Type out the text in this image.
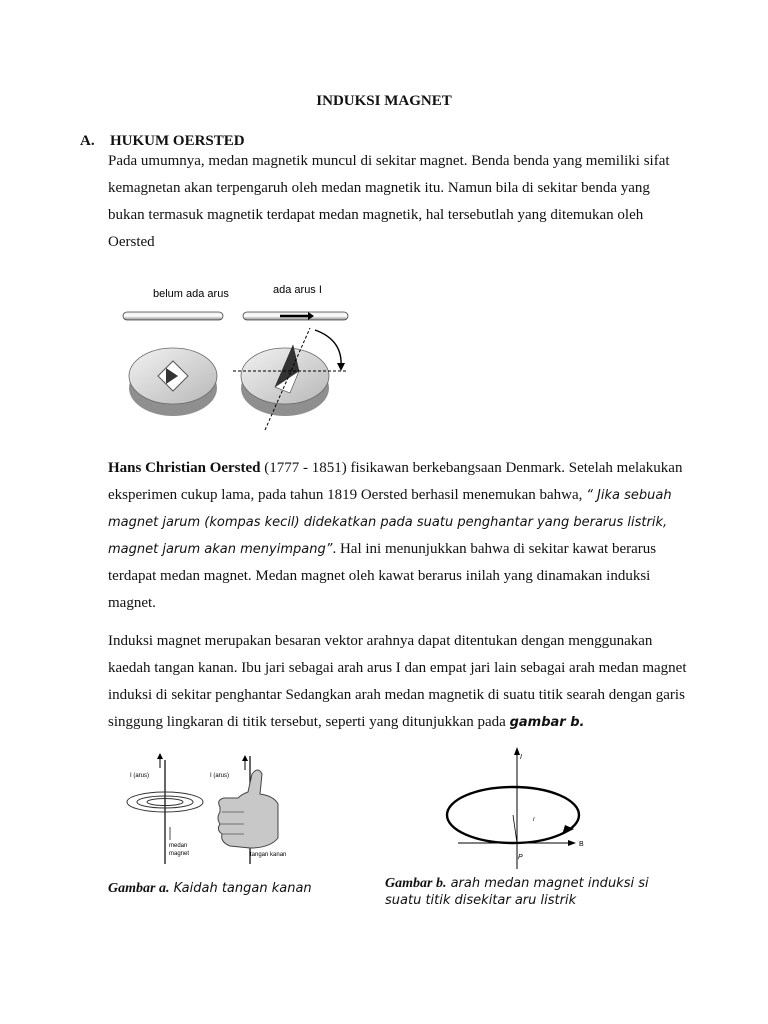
INDUKSI MAGNET
A. HUKUM OERSTED

Pada umumnya, medan magnetik muncul di sekitar magnet. Benda benda yang memiliki sifat kemagnetan akan terpengaruh oleh medan magnetik itu. Namun bila di sekitar benda yang bukan termasuk magnetik terdapat medan magnetik, hal tersebutlah yang ditemukan oleh Oersted

belum ada arus	ada arus I

Hans Christian Oersted (1777 - 1851) fisikawan berkebangsaan Denmark. Setelah melakukan eksperimen cukup lama, pada tahun 1819 Oersted berhasil menemukan bahwa, “ Jika sebuah magnet jarum (kompas kecil) didekatkan pada suatu penghantar yang berarus listrik, magnet jarum akan menyimpang”. Hal ini menunjukkan bahwa di sekitar kawat berarus terdapat medan magnet. Medan magnet oleh kawat berarus inilah yang dinamakan induksi magnet.

Induksi magnet merupakan besaran vektor arahnya dapat ditentukan dengan menggunakan kaedah tangan kanan. Ibu jari sebagai arah arus I dan empat jari lain sebagai arah medan magnet induksi di sekitar penghantar Sedangkan arah medan magnetik di suatu titik searah dengan garis singgung lingkaran di titik tersebut, seperti yang ditunjukkan pada gambar b.

I (arus)
medan
magnet
I (arus)
tangan kanan
I
r
B
P
Gambar a. Kaidah tangan kanan	Gambar b. arah medan magnet induksi si suatu titik disekitar aru listrik
